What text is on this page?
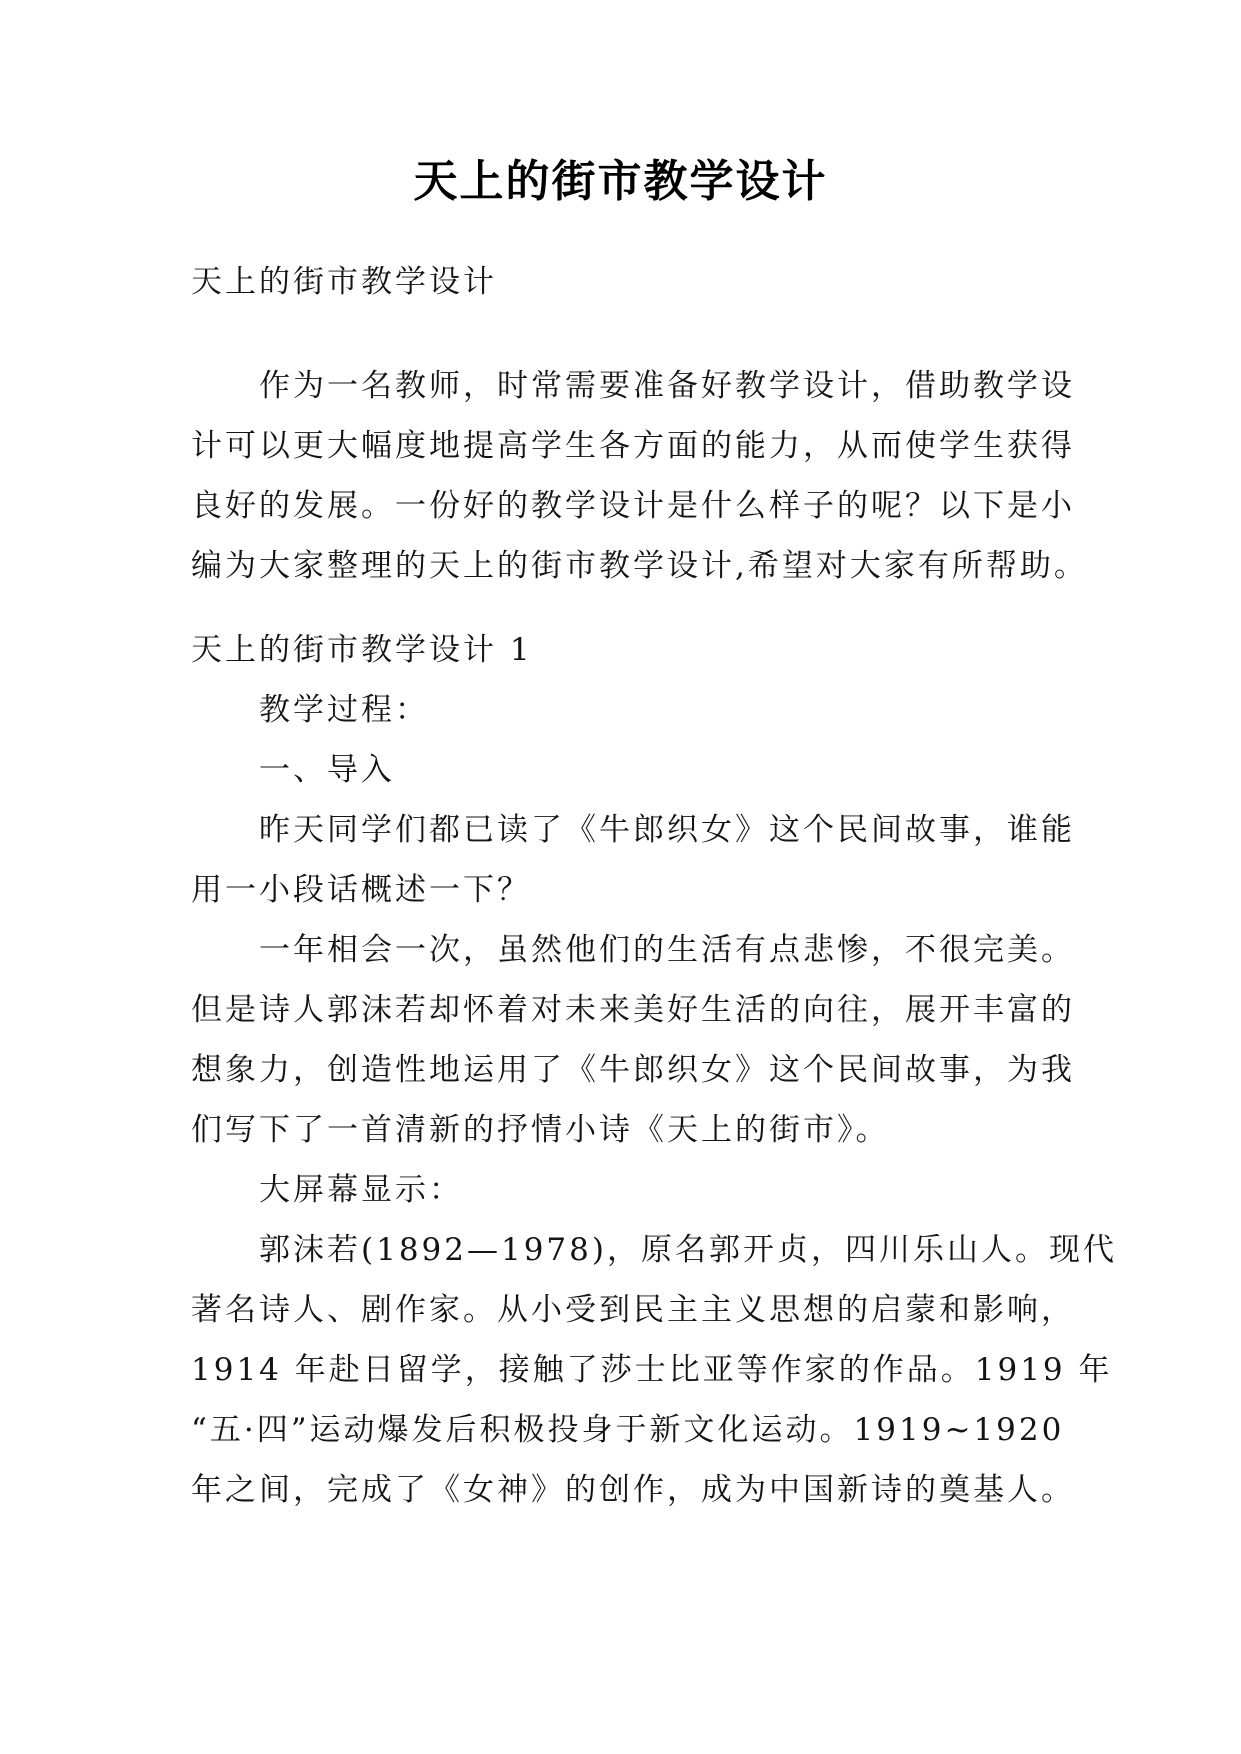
天上的街市教学设计
天上的街市教学设计
作为一名教师，时常需要准备好教学设计，借助教学设
计可以更大幅度地提高学生各方面的能力，从而使学生获得
良好的发展。一份好的教学设计是什么样子的呢？以下是小
编为大家整理的天上的街市教学设计,希望对大家有所帮助。
天上的街市教学设计 1
教学过程：
一、导入
昨天同学们都已读了《牛郎织女》这个民间故事，谁能
用一小段话概述一下？
一年相会一次，虽然他们的生活有点悲惨，不很完美。
但是诗人郭沫若却怀着对未来美好生活的向往，展开丰富的
想象力，创造性地运用了《牛郎织女》这个民间故事，为我
们写下了一首清新的抒情小诗《天上的街市》。
大屏幕显示：
郭沫若(1892—1978)，原名郭开贞，四川乐山人。现代
著名诗人、剧作家。从小受到民主主义思想的启蒙和影响，
1914 年赴日留学，接触了莎士比亚等作家的作品。1919 年
“五·四”运动爆发后积极投身于新文化运动。1919~1920
年之间，完成了《女神》的创作，成为中国新诗的奠基人。
